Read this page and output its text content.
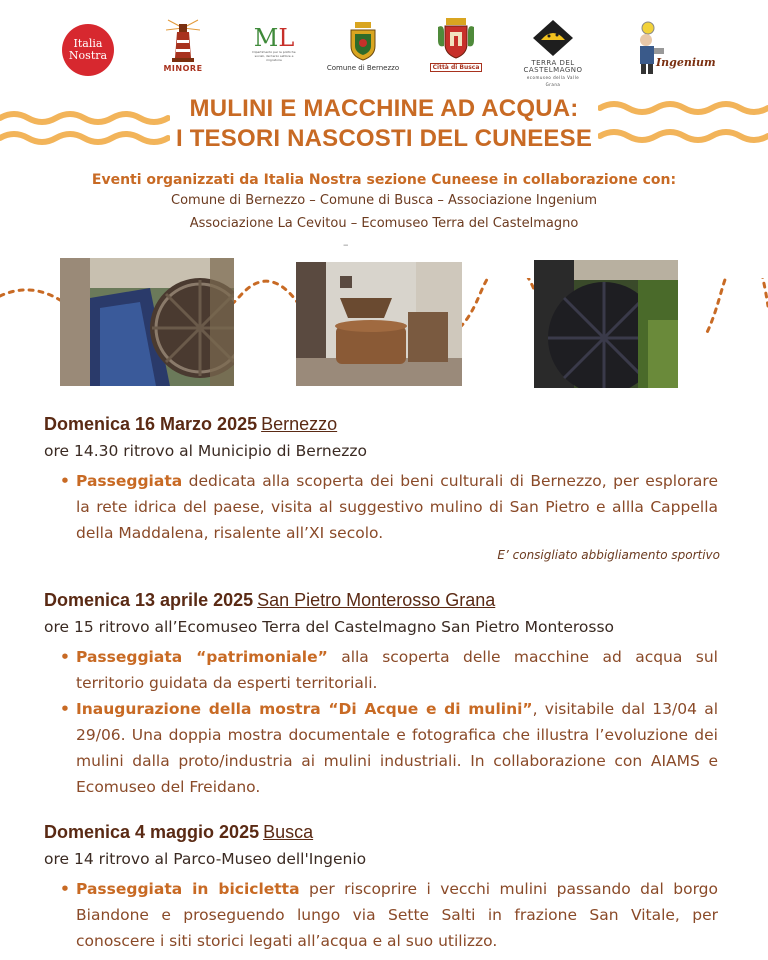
Italia
Nostra
MINORE
ML
Dipartimento per le politiche sociali, del terzo settore e migratorie
Comune di Bernezzo	Città di Busca
TERRA DEL
CASTELMAGNO
ecomuseo della Valle Grana
Ingenium
MULINI E MACCHINE AD ACQUA:
I TESORI NASCOSTI DEL CUNEESE
Eventi organizzati da Italia Nostra sezione Cuneese in collaborazione con:
Comune di Bernezzo – Comune di Busca – Associazione Ingenium
Associazione La Cevitou – Ecomuseo Terra del Castelmagno
–
Domenica 16 Marzo 2025 Bernezzo
ore 14.30 ritrovo al Municipio di Bernezzo
• Passeggiata dedicata alla scoperta dei beni culturali di Bernezzo, per esplorare la rete idrica del paese, visita al suggestivo mulino di San Pietro e allla Cappella della Maddalena, risalente all’XI secolo.
E’ consigliato abbigliamento sportivo
Domenica 13 aprile 2025 San Pietro Monterosso Grana
ore 15 ritrovo all’Ecomuseo Terra del Castelmagno San Pietro Monterosso
• Passeggiata “patrimoniale” alla scoperta delle macchine ad acqua sul territorio guidata da esperti territoriali.
• Inaugurazione della mostra “Di Acque e di mulini”, visitabile dal 13/04 al 29/06. Una doppia mostra documentale e fotografica che illustra l’evoluzione dei mulini dalla proto/industria ai mulini industriali. In collaborazione con AIAMS e Ecomuseo del Freidano.
Domenica 4 maggio 2025 Busca
ore 14 ritrovo al Parco-Museo dell'Ingenio
• Passeggiata in bicicletta per riscoprire i vecchi mulini passando dal borgo Biandone e proseguendo lungo via Sette Salti in frazione San Vitale, per conoscere i siti storici legati all’acqua e al suo utilizzo.
